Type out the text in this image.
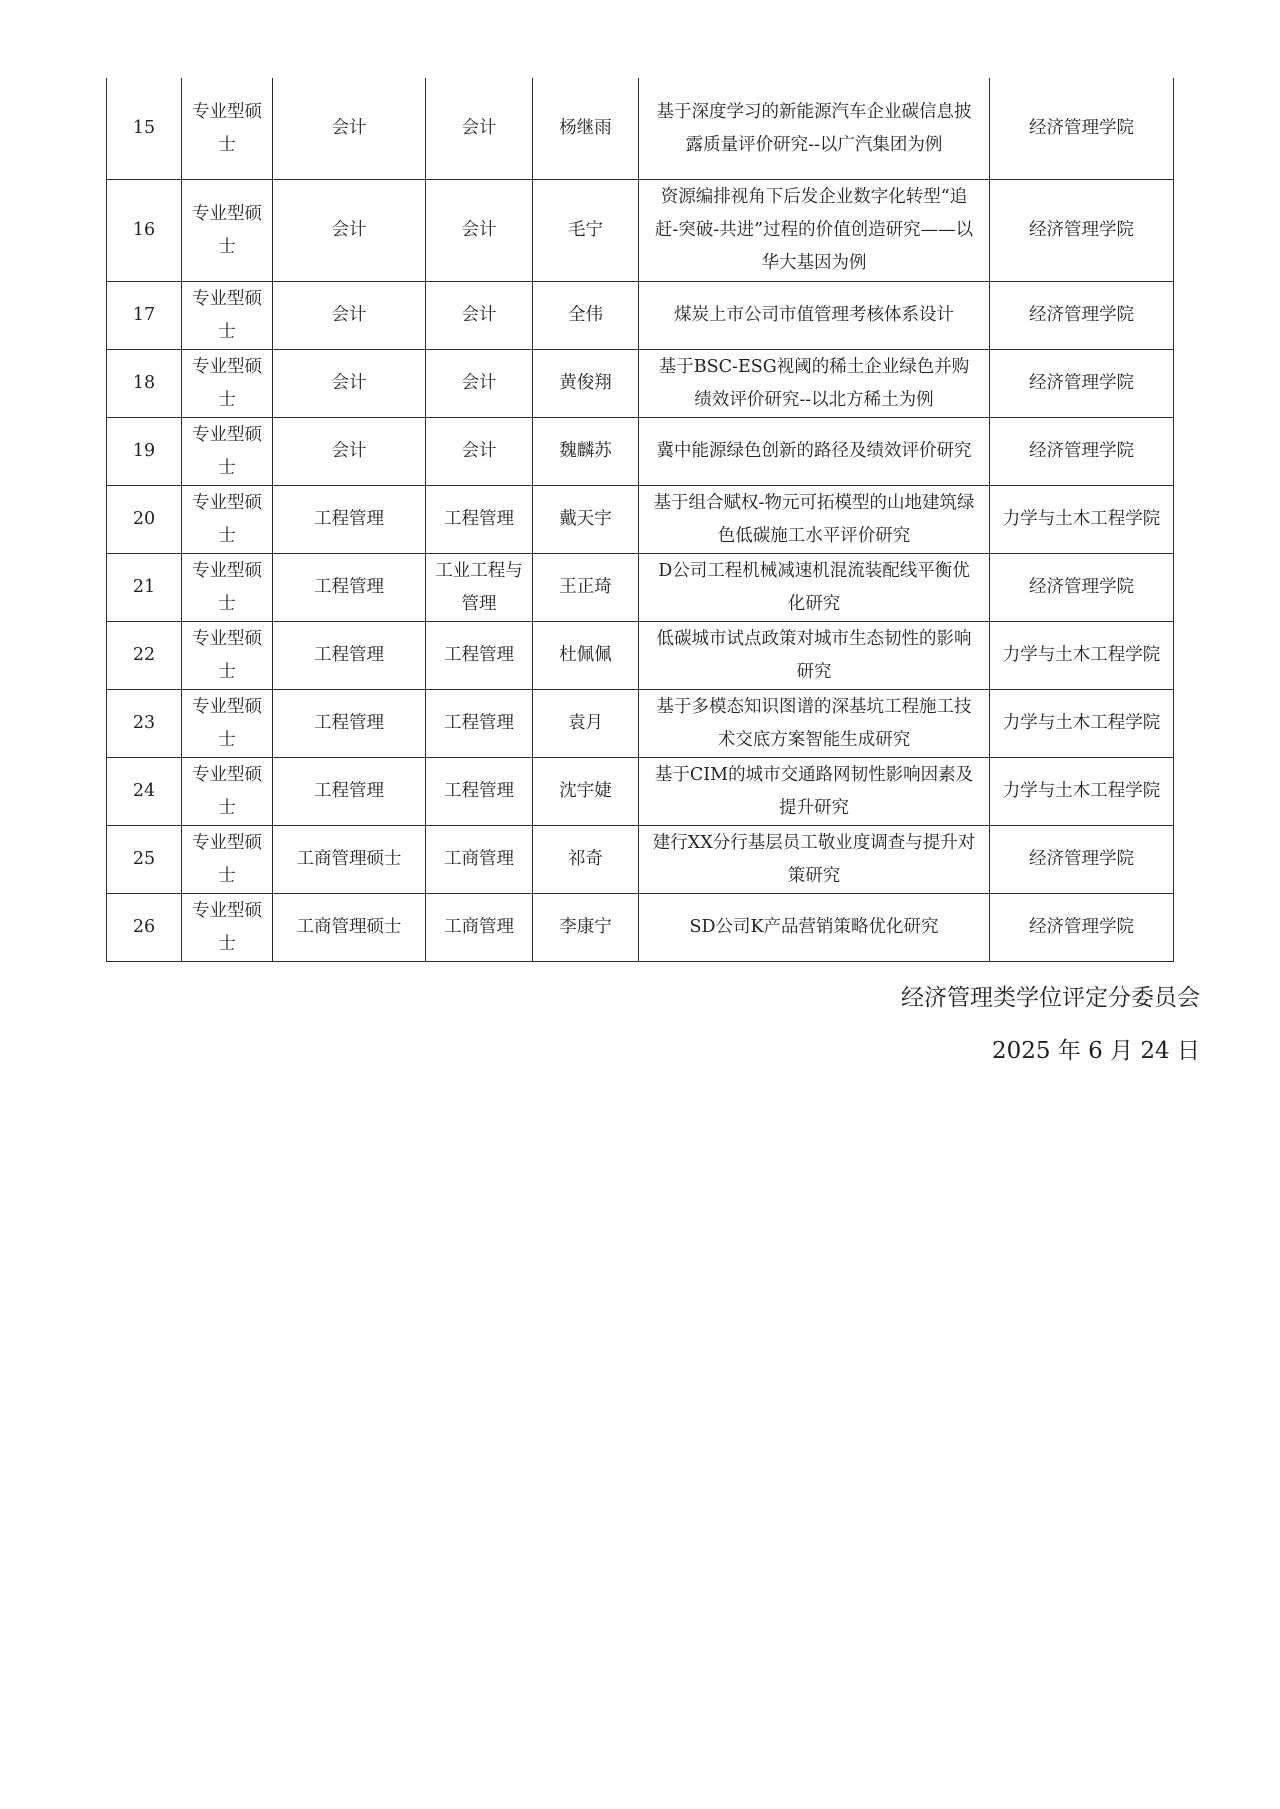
15	专业型硕士	会计	会计	杨继雨	基于深度学习的新能源汽车企业碳信息披露质量评价研究--以广汽集团为例	经济管理学院
16	专业型硕士	会计	会计	毛宁	资源编排视角下后发企业数字化转型“追赶-突破-共进”过程的价值创造研究——以华大基因为例	经济管理学院
17	专业型硕士	会计	会计	全伟	煤炭上市公司市值管理考核体系设计	经济管理学院
18	专业型硕士	会计	会计	黄俊翔	基于BSC-ESG视阈的稀土企业绿色并购绩效评价研究--以北方稀土为例	经济管理学院
19	专业型硕士	会计	会计	魏麟苏	冀中能源绿色创新的路径及绩效评价研究	经济管理学院
20	专业型硕士	工程管理	工程管理	戴天宇	基于组合赋权-物元可拓模型的山地建筑绿色低碳施工水平评价研究	力学与土木工程学院
21	专业型硕士	工程管理	工业工程与管理	王正琦	D公司工程机械减速机混流装配线平衡优化研究	经济管理学院
22	专业型硕士	工程管理	工程管理	杜佩佩	低碳城市试点政策对城市生态韧性的影响研究	力学与土木工程学院
23	专业型硕士	工程管理	工程管理	袁月	基于多模态知识图谱的深基坑工程施工技术交底方案智能生成研究	力学与土木工程学院
24	专业型硕士	工程管理	工程管理	沈宇婕	基于CIM的城市交通路网韧性影响因素及提升研究	力学与土木工程学院
25	专业型硕士	工商管理硕士	工商管理	祁奇	建行XX分行基层员工敬业度调查与提升对策研究	经济管理学院
26	专业型硕士	工商管理硕士	工商管理	李康宁	SD公司K产品营销策略优化研究	经济管理学院
经济管理类学位评定分委员会
2025 年 6 月 24 日
